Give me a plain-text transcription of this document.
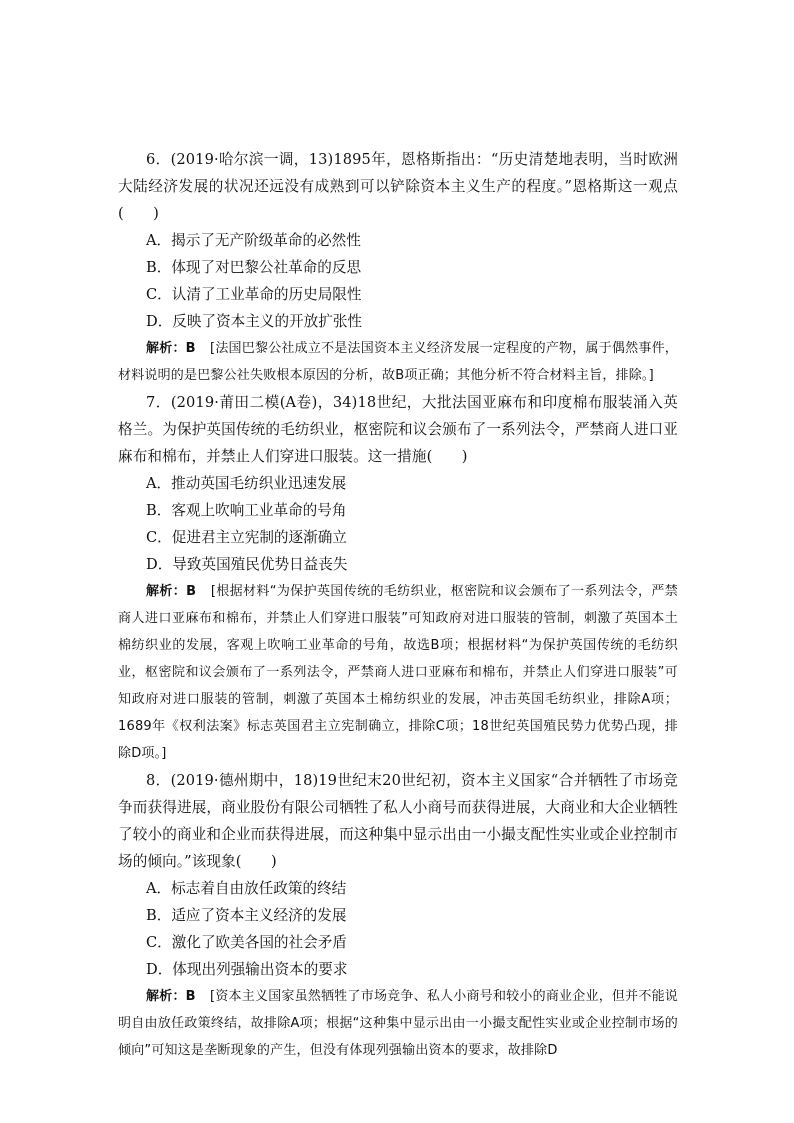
6．(2019·哈尔滨一调，13)1895年，恩格斯指出：“历史清楚地表明，当时欧洲大陆经济发展的状况还远没有成熟到可以铲除资本主义生产的程度。”恩格斯这一观点(　　)

A．揭示了无产阶级革命的必然性

B．体现了对巴黎公社革命的反思

C．认清了工业革命的历史局限性

D．反映了资本主义的开放扩张性

解析：B　 [法国巴黎公社成立不是法国资本主义经济发展一定程度的产物，属于偶然事件，材料说明的是巴黎公社失败根本原因的分析，故B项正确；其他分析不符合材料主旨，排除。]

7．(2019·莆田二模(A卷)，34)18世纪，大批法国亚麻布和印度棉布服装涌入英格兰。为保护英国传统的毛纺织业，枢密院和议会颁布了一系列法令，严禁商人进口亚麻布和棉布，并禁止人们穿进口服装。这一措施(　　)

A．推动英国毛纺织业迅速发展

B．客观上吹响工业革命的号角

C．促进君主立宪制的逐渐确立

D．导致英国殖民优势日益丧失

解析：B　 [根据材料“为保护英国传统的毛纺织业，枢密院和议会颁布了一系列法令，严禁商人进口亚麻布和棉布，并禁止人们穿进口服装”可知政府对进口服装的管制，刺激了英国本土棉纺织业的发展，客观上吹响工业革命的号角，故选B项；根据材料“为保护英国传统的毛纺织业，枢密院和议会颁布了一系列法令，严禁商人进口亚麻布和棉布，并禁止人们穿进口服装”可知政府对进口服装的管制，刺激了英国本土棉纺织业的发展，冲击英国毛纺织业，排除A项；1689年《权利法案》标志英国君主立宪制确立，排除C项；18世纪英国殖民势力优势凸现，排除D项。]

8．(2019·德州期中，18)19世纪末20世纪初，资本主义国家“合并牺牲了市场竞争而获得进展，商业股份有限公司牺牲了私人小商号而获得进展，大商业和大企业牺牲了较小的商业和企业而获得进展，而这种集中显示出由一小撮支配性实业或企业控制市场的倾向。”该现象(　　)

A．标志着自由放任政策的终结

B．适应了资本主义经济的发展

C．激化了欧美各国的社会矛盾

D．体现出列强输出资本的要求

解析：B　 [资本主义国家虽然牺牲了市场竞争、私人小商号和较小的商业企业，但并不能说明自由放任政策终结，故排除A项；根据“这种集中显示出由一小撮支配性实业或企业控制市场的倾向”可知这是垄断现象的产生，但没有体现列强输出资本的要求，故排除D
